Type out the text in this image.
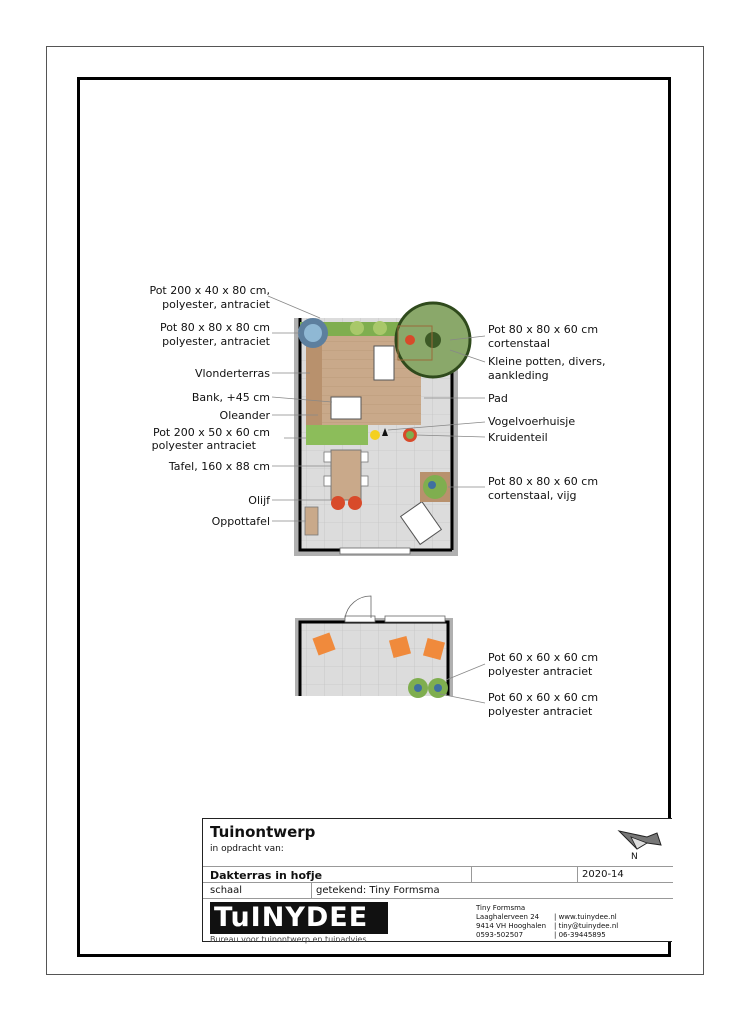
Pot 200 x 40 x 80 cm,
polyester, antraciet
Pot 80 x 80 x 80 cm
polyester, antraciet
Vlonderterras
Bank, +45 cm
Oleander
Pot 200 x 50 x 60 cm
polyester antraciet
Tafel, 160 x 88 cm
Olijf
Oppottafel
Pot 80 x 80 x 60 cm
cortenstaal
Kleine potten, divers,
aankleding
Pad
Vogelvoerhuisje
Kruidenteil
Pot 80 x 80 x 60 cm
cortenstaal, vijg
Pot 60 x 60 x 60 cm
polyester antraciet
Pot 60 x 60 x 60 cm
polyester antraciet
Tuinontwerp
in opdracht van:
N
Dakterras in hofje	2020-14
schaal	getekend: Tiny Formsma
TuINYDEE
Bureau voor tuinontwerp en tuinadvies
Tiny Formsma
Laaghalerveen 24
9414 VH Hooghalen
0593-502507
| www.tuinydee.nl
| tiny@tuinydee.nl
| 06-39445895
